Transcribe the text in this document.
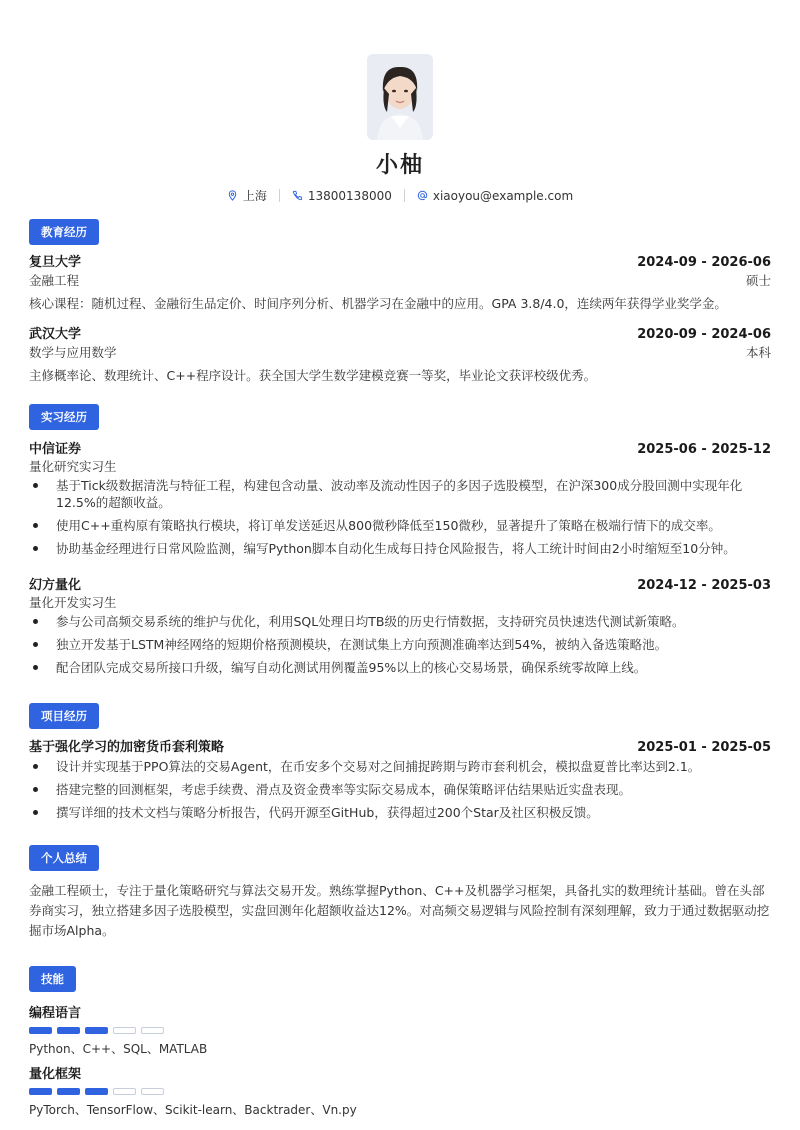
小柚
上海	13800138000	xiaoyou@example.com
教育经历
复旦大学	2024-09 - 2026-06
金融工程	硕士
核心课程：随机过程、金融衍生品定价、时间序列分析、机器学习在金融中的应用。GPA 3.8/4.0，连续两年获得学业奖学金。
武汉大学	2020-09 - 2024-06
数学与应用数学	本科
主修概率论、数理统计、C++程序设计。获全国大学生数学建模竞赛一等奖，毕业论文获评校级优秀。
实习经历
中信证券	2025-06 - 2025-12
量化研究实习生
基于Tick级数据清洗与特征工程，构建包含动量、波动率及流动性因子的多因子选股模型，在沪深300成分股回测中实现年化12.5%的超额收益。
使用C++重构原有策略执行模块，将订单发送延迟从800微秒降低至150微秒，显著提升了策略在极端行情下的成交率。
协助基金经理进行日常风险监测，编写Python脚本自动化生成每日持仓风险报告，将人工统计时间由2小时缩短至10分钟。
幻方量化	2024-12 - 2025-03
量化开发实习生
参与公司高频交易系统的维护与优化，利用SQL处理日均TB级的历史行情数据，支持研究员快速迭代测试新策略。
独立开发基于LSTM神经网络的短期价格预测模块，在测试集上方向预测准确率达到54%，被纳入备选策略池。
配合团队完成交易所接口升级，编写自动化测试用例覆盖95%以上的核心交易场景，确保系统零故障上线。
项目经历
基于强化学习的加密货币套利策略	2025-01 - 2025-05
设计并实现基于PPO算法的交易Agent，在币安多个交易对之间捕捉跨期与跨市套利机会，模拟盘夏普比率达到2.1。
搭建完整的回测框架，考虑手续费、滑点及资金费率等实际交易成本，确保策略评估结果贴近实盘表现。
撰写详细的技术文档与策略分析报告，代码开源至GitHub，获得超过200个Star及社区积极反馈。
个人总结
金融工程硕士，专注于量化策略研究与算法交易开发。熟练掌握Python、C++及机器学习框架，具备扎实的数理统计基础。曾在头部券商实习，独立搭建多因子选股模型，实盘回测年化超额收益达12%。对高频交易逻辑与风险控制有深刻理解，致力于通过数据驱动挖掘市场Alpha。
技能
编程语言
Python、C++、SQL、MATLAB
量化框架
PyTorch、TensorFlow、Scikit-learn、Backtrader、Vn.py
